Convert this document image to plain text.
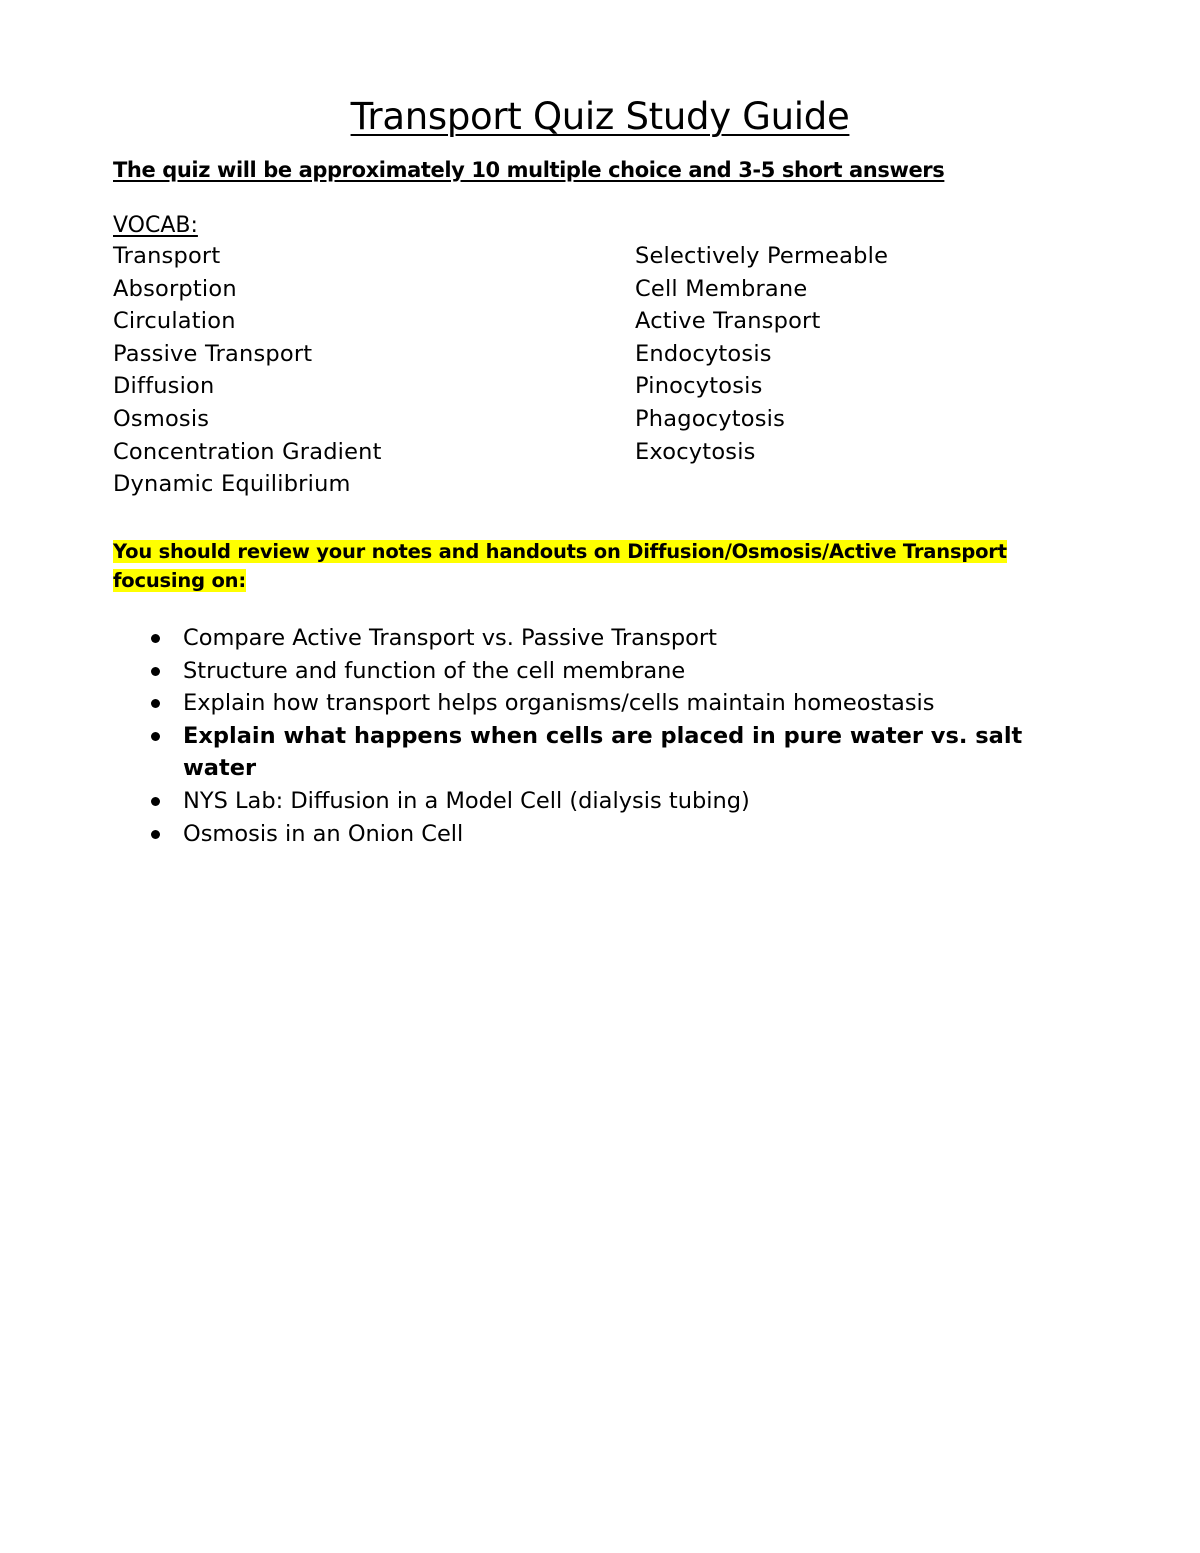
Transport Quiz Study Guide
The quiz will be approximately 10 multiple choice and 3-5 short answers
VOCAB:
Transport
Absorption
Circulation
Passive Transport
Diffusion
Osmosis
Concentration Gradient
Dynamic Equilibrium
Selectively Permeable
Cell Membrane
Active Transport
Endocytosis
Pinocytosis
Phagocytosis
Exocytosis
You should review your notes and handouts on Diffusion/Osmosis/Active Transport focusing on:
Compare Active Transport vs. Passive Transport
Structure and function of the cell membrane
Explain how transport helps organisms/cells maintain homeostasis
Explain what happens when cells are placed in pure water vs. salt water
NYS Lab: Diffusion in a Model Cell (dialysis tubing)
Osmosis in an Onion Cell
